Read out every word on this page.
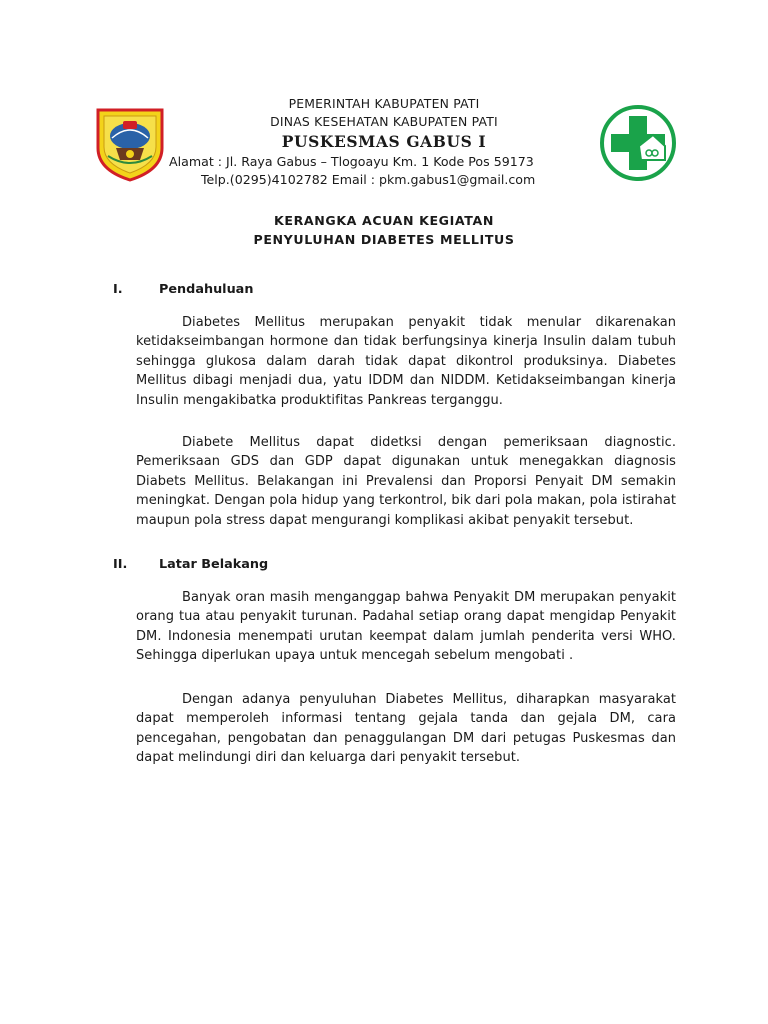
PEMERINTAH KABUPATEN PATI
DINAS KESEHATAN KABUPATEN PATI
PUSKESMAS GABUS I
Alamat : Jl. Raya Gabus – Tlogoayu Km. 1 Kode Pos 59173
Telp.(0295)4102782 Email : pkm.gabus1@gmail.com
KERANGKA ACUAN KEGIATAN
PENYULUHAN DIABETES MELLITUS
I.	Pendahuluan

Diabetes Mellitus merupakan penyakit tidak menular dikarenakan ketidakseimbangan hormone dan tidak berfungsinya kinerja Insulin dalam tubuh sehingga glukosa dalam darah tidak dapat dikontrol produksinya. Diabetes Mellitus dibagi menjadi dua, yatu IDDM dan NIDDM. Ketidakseimbangan kinerja Insulin mengakibatka produktifitas Pankreas terganggu.

Diabete Mellitus dapat didetksi dengan pemeriksaan diagnostic. Pemeriksaan GDS dan GDP dapat digunakan untuk menegakkan diagnosis Diabets Mellitus. Belakangan ini Prevalensi dan Proporsi Penyait DM semakin meningkat. Dengan pola hidup yang terkontrol, bik dari pola makan, pola istirahat maupun pola stress dapat mengurangi komplikasi akibat penyakit tersebut.

II. Latar Belakang

Banyak oran masih menganggap bahwa Penyakit DM merupakan penyakit orang tua atau penyakit turunan. Padahal setiap orang dapat mengidap Penyakit DM. Indonesia menempati urutan keempat dalam jumlah penderita versi WHO. Sehingga diperlukan upaya untuk mencegah sebelum mengobati .

Dengan adanya penyuluhan Diabetes Mellitus, diharapkan masyarakat dapat memperoleh informasi tentang gejala tanda dan gejala DM, cara pencegahan, pengobatan dan penaggulangan DM dari petugas Puskesmas dan dapat melindungi diri dan keluarga dari penyakit tersebut.
